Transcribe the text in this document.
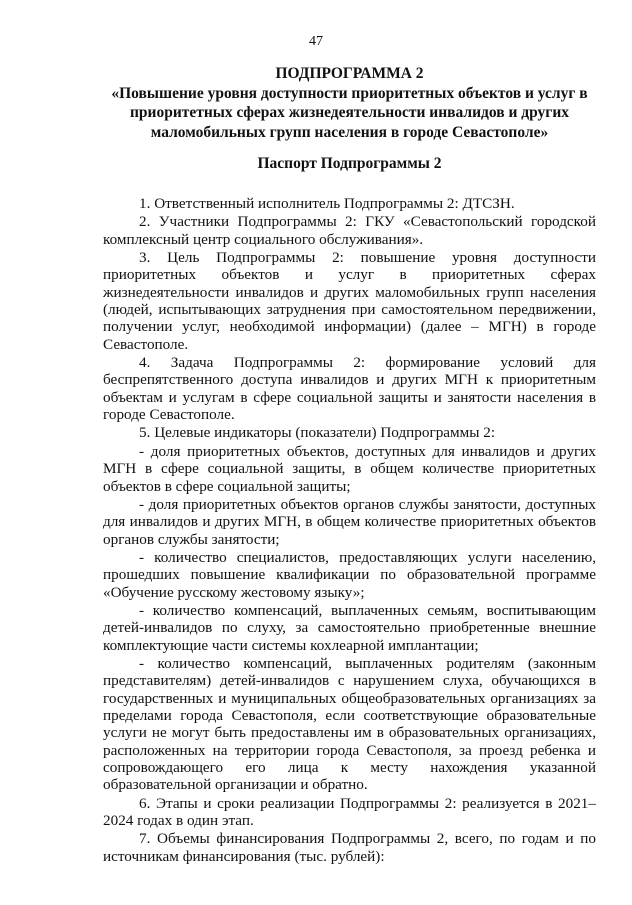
47
ПОДПРОГРАММА 2
«Повышение уровня доступности приоритетных объектов и услуг в приоритетных сферах жизнедеятельности инвалидов и других маломобильных групп населения в городе Севастополе»
Паспорт Подпрограммы 2

1. Ответственный исполнитель Подпрограммы 2: ДТСЗН.

2. Участники Подпрограммы 2: ГКУ «Севастопольский городской комплексный центр социального обслуживания».

3. Цель Подпрограммы 2: повышение уровня доступности приоритетных объектов и услуг в приоритетных сферах жизнедеятельности инвалидов и других маломобильных групп населения (людей, испытывающих затруднения при самостоятельном передвижении, получении услуг, необходимой информации) (далее – МГН) в городе Севастополе.

4. Задача Подпрограммы 2: формирование условий для беспрепятственного доступа инвалидов и других МГН к приоритетным объектам и услугам в сфере социальной защиты и занятости населения в городе Севастополе.

5. Целевые индикаторы (показатели) Подпрограммы 2:

- доля приоритетных объектов, доступных для инвалидов и других МГН в сфере социальной защиты, в общем количестве приоритетных объектов в сфере социальной защиты;

- доля приоритетных объектов органов службы занятости, доступных для инвалидов и других МГН, в общем количестве приоритетных объектов органов службы занятости;

- количество специалистов, предоставляющих услуги населению, прошедших повышение квалификации по образовательной программе «Обучение русскому жестовому языку»;

- количество компенсаций, выплаченных семьям, воспитывающим детей-инвалидов по слуху, за самостоятельно приобретенные внешние комплектующие части системы кохлеарной имплантации;

- количество компенсаций, выплаченных родителям (законным представителям) детей-инвалидов с нарушением слуха, обучающихся в государственных и муниципальных общеобразовательных организациях за пределами города Севастополя, если соответствующие образовательные услуги не могут быть предоставлены им в образовательных организациях, расположенных на территории города Севастополя, за проезд ребенка и сопровождающего его лица к месту нахождения указанной образовательной организации и обратно.

6. Этапы и сроки реализации Подпрограммы 2: реализуется в 2021–2024 годах в один этап.

7. Объемы финансирования Подпрограммы 2, всего, по годам и по источникам финансирования (тыс. рублей):
